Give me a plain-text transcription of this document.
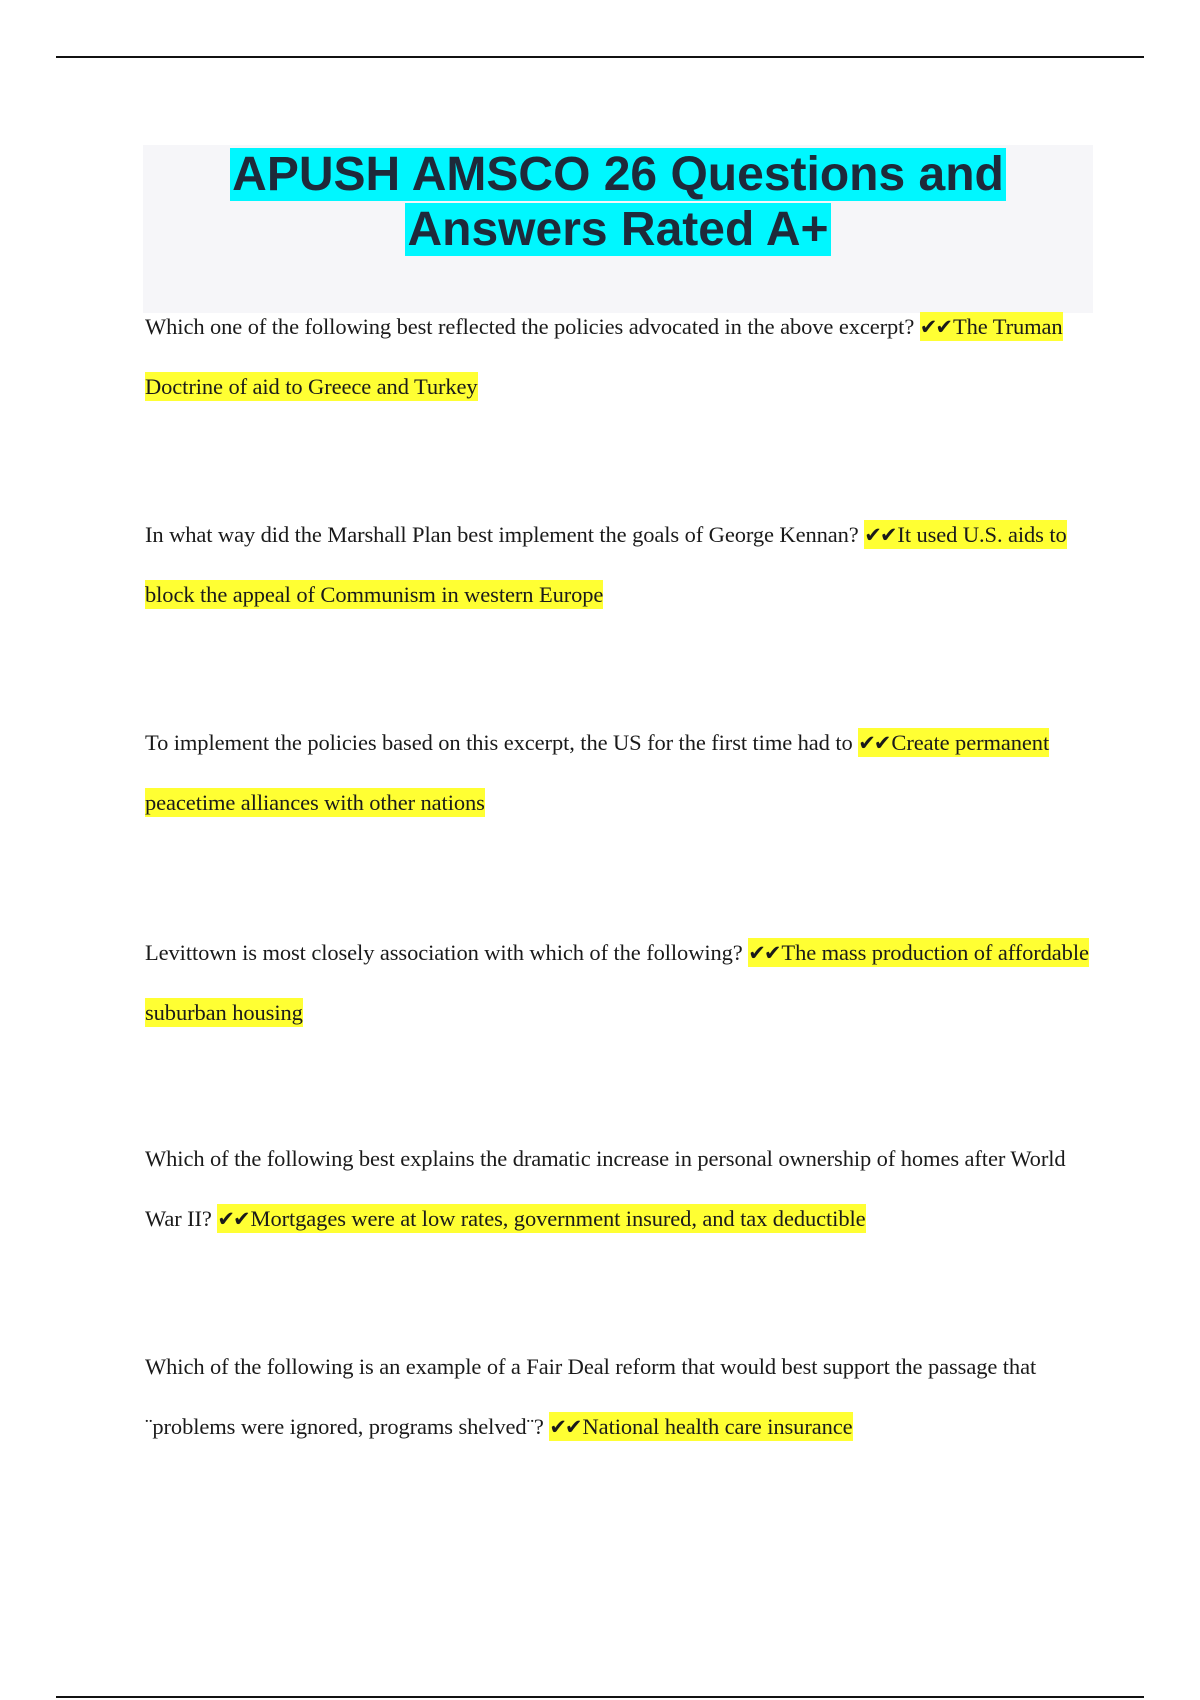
APUSH AMSCO 26 Questions and Answers Rated A+

Which one of the following best reflected the policies advocated in the above excerpt? ✔✔The Truman Doctrine of aid to Greece and Turkey

In what way did the Marshall Plan best implement the goals of George Kennan? ✔✔It used U.S. aids to block the appeal of Communism in western Europe

To implement the policies based on this excerpt, the US for the first time had to ✔✔Create permanent peacetime alliances with other nations

Levittown is most closely association with which of the following? ✔✔The mass production of affordable suburban housing

Which of the following best explains the dramatic increase in personal ownership of homes after World War II? ✔✔Mortgages were at low rates, government insured, and tax deductible

Which of the following is an example of a Fair Deal reform that would best support the passage that ¨problems were ignored, programs shelved¨? ✔✔National health care insurance
